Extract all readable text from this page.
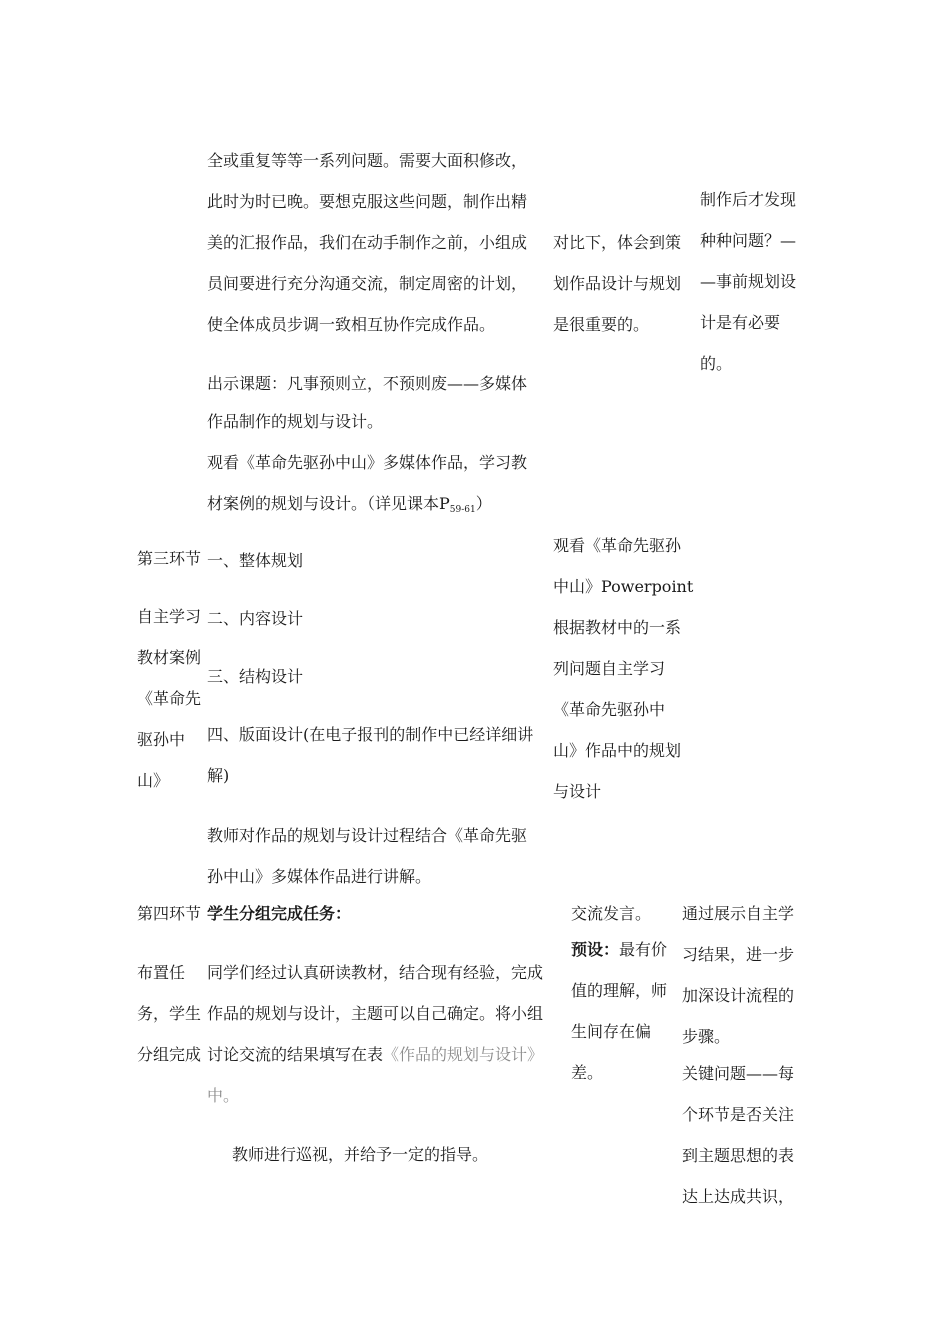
全或重复等等一系列问题。需要大面积修改，
此时为时已晚。要想克服这些问题，制作出精
美的汇报作品，我们在动手制作之前，小组成
员间要进行充分沟通交流，制定周密的计划，
使全体成员步调一致相互协作完成作品。
出示课题：凡事预则立，不预则废——多媒体
作品制作的规划与设计。
观看《革命先驱孙中山》多媒体作品，学习教
材案例的规划与设计。（详见课本P59-61）
对比下，体会到策
划作品设计与规划
是很重要的。
制作后才发现
种种问题？—
—事前规划设
计是有必要
的。
第三环节
自主学习
教材案例
《革命先
驱孙中
山》
一、整体规划
二、内容设计
三、结构设计
四、版面设计(在电子报刊的制作中已经详细讲
解)
观看《革命先驱孙
中山》Powerpoint
根据教材中的一系
列问题自主学习
《革命先驱孙中
山》作品中的规划
与设计
教师对作品的规划与设计过程结合《革命先驱
孙中山》多媒体作品进行讲解。
第四环节
布置任
务，学生
分组完成
学生分组完成任务：
同学们经过认真研读教材，结合现有经验，完成
作品的规划与设计，主题可以自己确定。将小组
讨论交流的结果填写在表《作品的规划与设计》
中。
教师进行巡视，并给予一定的指导。
交流发言。
预设：最有价
值的理解，师
生间存在偏
差。
通过展示自主学
习结果，进一步
加深设计流程的
步骤。
关键问题——每
个环节是否关注
到主题思想的表
达上达成共识，
